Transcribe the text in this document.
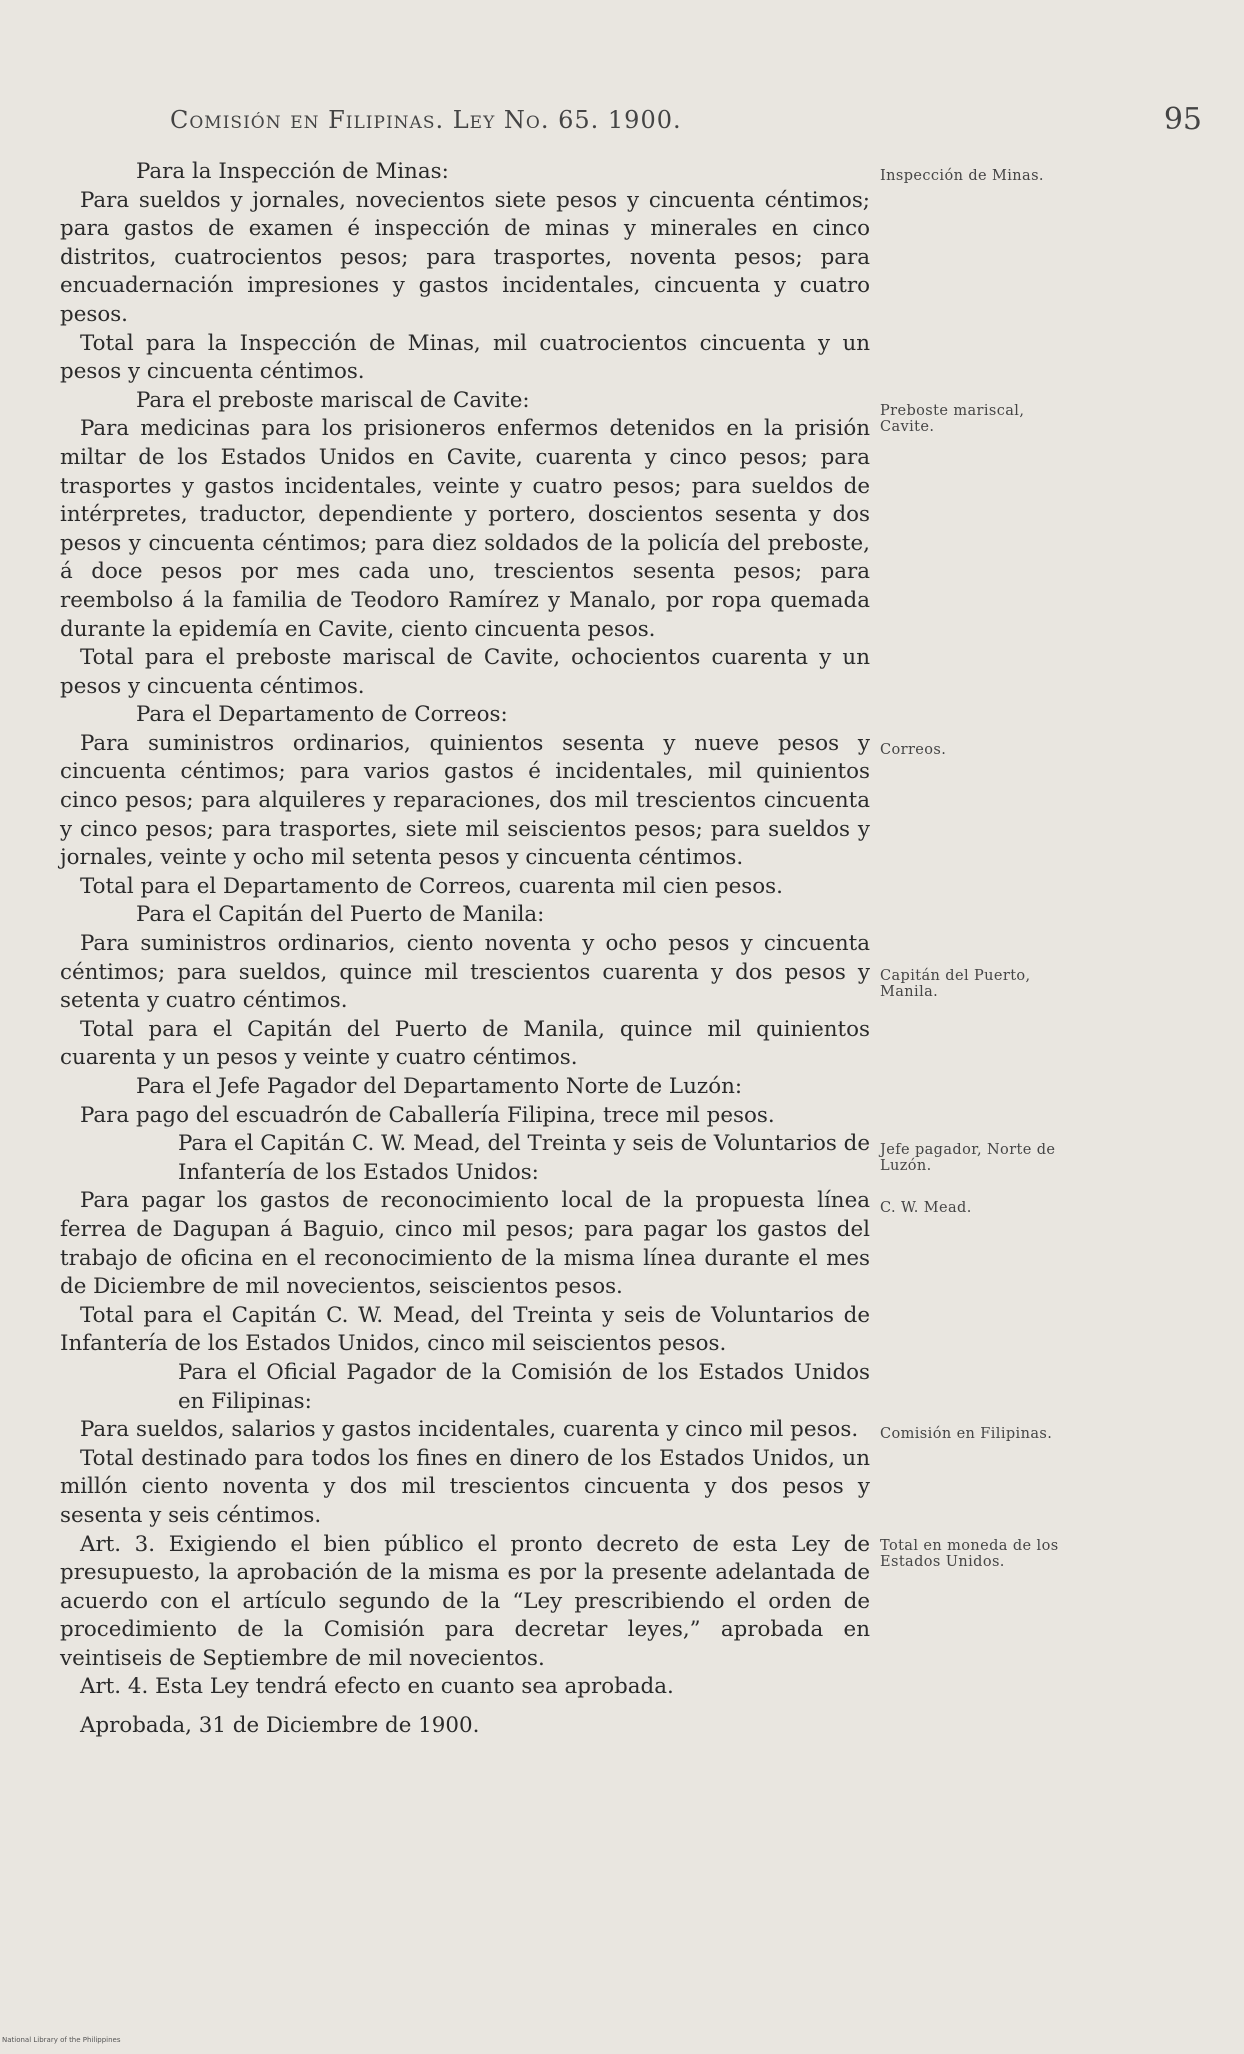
Comisión en Filipinas. Ley No. 65. 1900.	95

Para la Inspección de Minas:

Para sueldos y jornales, novecientos siete pesos y cincuenta céntimos; para gastos de examen é inspección de minas y minerales en cinco distritos, cuatrocientos pesos; para trasportes, noventa pesos; para encuadernación impresiones y gastos incidentales, cincuenta y cuatro pesos.

Total para la Inspección de Minas, mil cuatrocientos cincuenta y un pesos y cincuenta céntimos.

Para el preboste mariscal de Cavite:

Para medicinas para los prisioneros enfermos detenidos en la prisión miltar de los Estados Unidos en Cavite, cuarenta y cinco pesos; para trasportes y gastos incidentales, veinte y cuatro pesos; para sueldos de intérpretes, traductor, dependiente y portero, doscientos sesenta y dos pesos y cincuenta céntimos; para diez soldados de la policía del preboste, á doce pesos por mes cada uno, trescientos sesenta pesos; para reembolso á la familia de Teodoro Ramírez y Manalo, por ropa quemada durante la epidemía en Cavite, ciento cincuenta pesos.

Total para el preboste mariscal de Cavite, ochocientos cuarenta y un pesos y cincuenta céntimos.

Para el Departamento de Correos:

Para suministros ordinarios, quinientos sesenta y nueve pesos y cincuenta céntimos; para varios gastos é incidentales, mil quinientos cinco pesos; para alquileres y reparaciones, dos mil trescientos cincuenta y cinco pesos; para trasportes, siete mil seiscientos pesos; para sueldos y jornales, veinte y ocho mil setenta pesos y cincuenta céntimos.

Total para el Departamento de Correos, cuarenta mil cien pesos.

Para el Capitán del Puerto de Manila:

Para suministros ordinarios, ciento noventa y ocho pesos y cincuenta céntimos; para sueldos, quince mil trescientos cuarenta y dos pesos y setenta y cuatro céntimos.

Total para el Capitán del Puerto de Manila, quince mil quinientos cuarenta y un pesos y veinte y cuatro céntimos.

Para el Jefe Pagador del Departamento Norte de Luzón:

Para pago del escuadrón de Caballería Filipina, trece mil pesos.

Para el Capitán C. W. Mead, del Treinta y seis de Voluntarios de Infantería de los Estados Unidos:

Para pagar los gastos de reconocimiento local de la propuesta línea ferrea de Dagupan á Baguio, cinco mil pesos; para pagar los gastos del trabajo de oficina en el reconocimiento de la misma línea durante el mes de Diciembre de mil novecientos, seiscientos pesos.

Total para el Capitán C. W. Mead, del Treinta y seis de Voluntarios de Infantería de los Estados Unidos, cinco mil seiscientos pesos.

Para el Oficial Pagador de la Comisión de los Estados Unidos en Filipinas:

Para sueldos, salarios y gastos incidentales, cuarenta y cinco mil pesos.

Total destinado para todos los fines en dinero de los Estados Unidos, un millón ciento noventa y dos mil trescientos cincuenta y dos pesos y sesenta y seis céntimos.

Art. 3. Exigiendo el bien público el pronto decreto de esta Ley de presupuesto, la aprobación de la misma es por la presente adelantada de acuerdo con el artículo segundo de la “Ley prescribiendo el orden de procedimiento de la Comisión para decretar leyes,” aprobada en veintiseis de Septiembre de mil novecientos.

Art. 4. Esta Ley tendrá efecto en cuanto sea aprobada.

Aprobada, 31 de Diciembre de 1900.

Inspección de Minas.
Preboste mariscal, Cavite.
Correos.
Capitán del Puerto, Manila.
Jefe pagador, Norte de Luzón.
C. W. Mead.
Comisión en Filipinas.
Total en moneda de los Estados Unidos.
National Library of the Philippines
